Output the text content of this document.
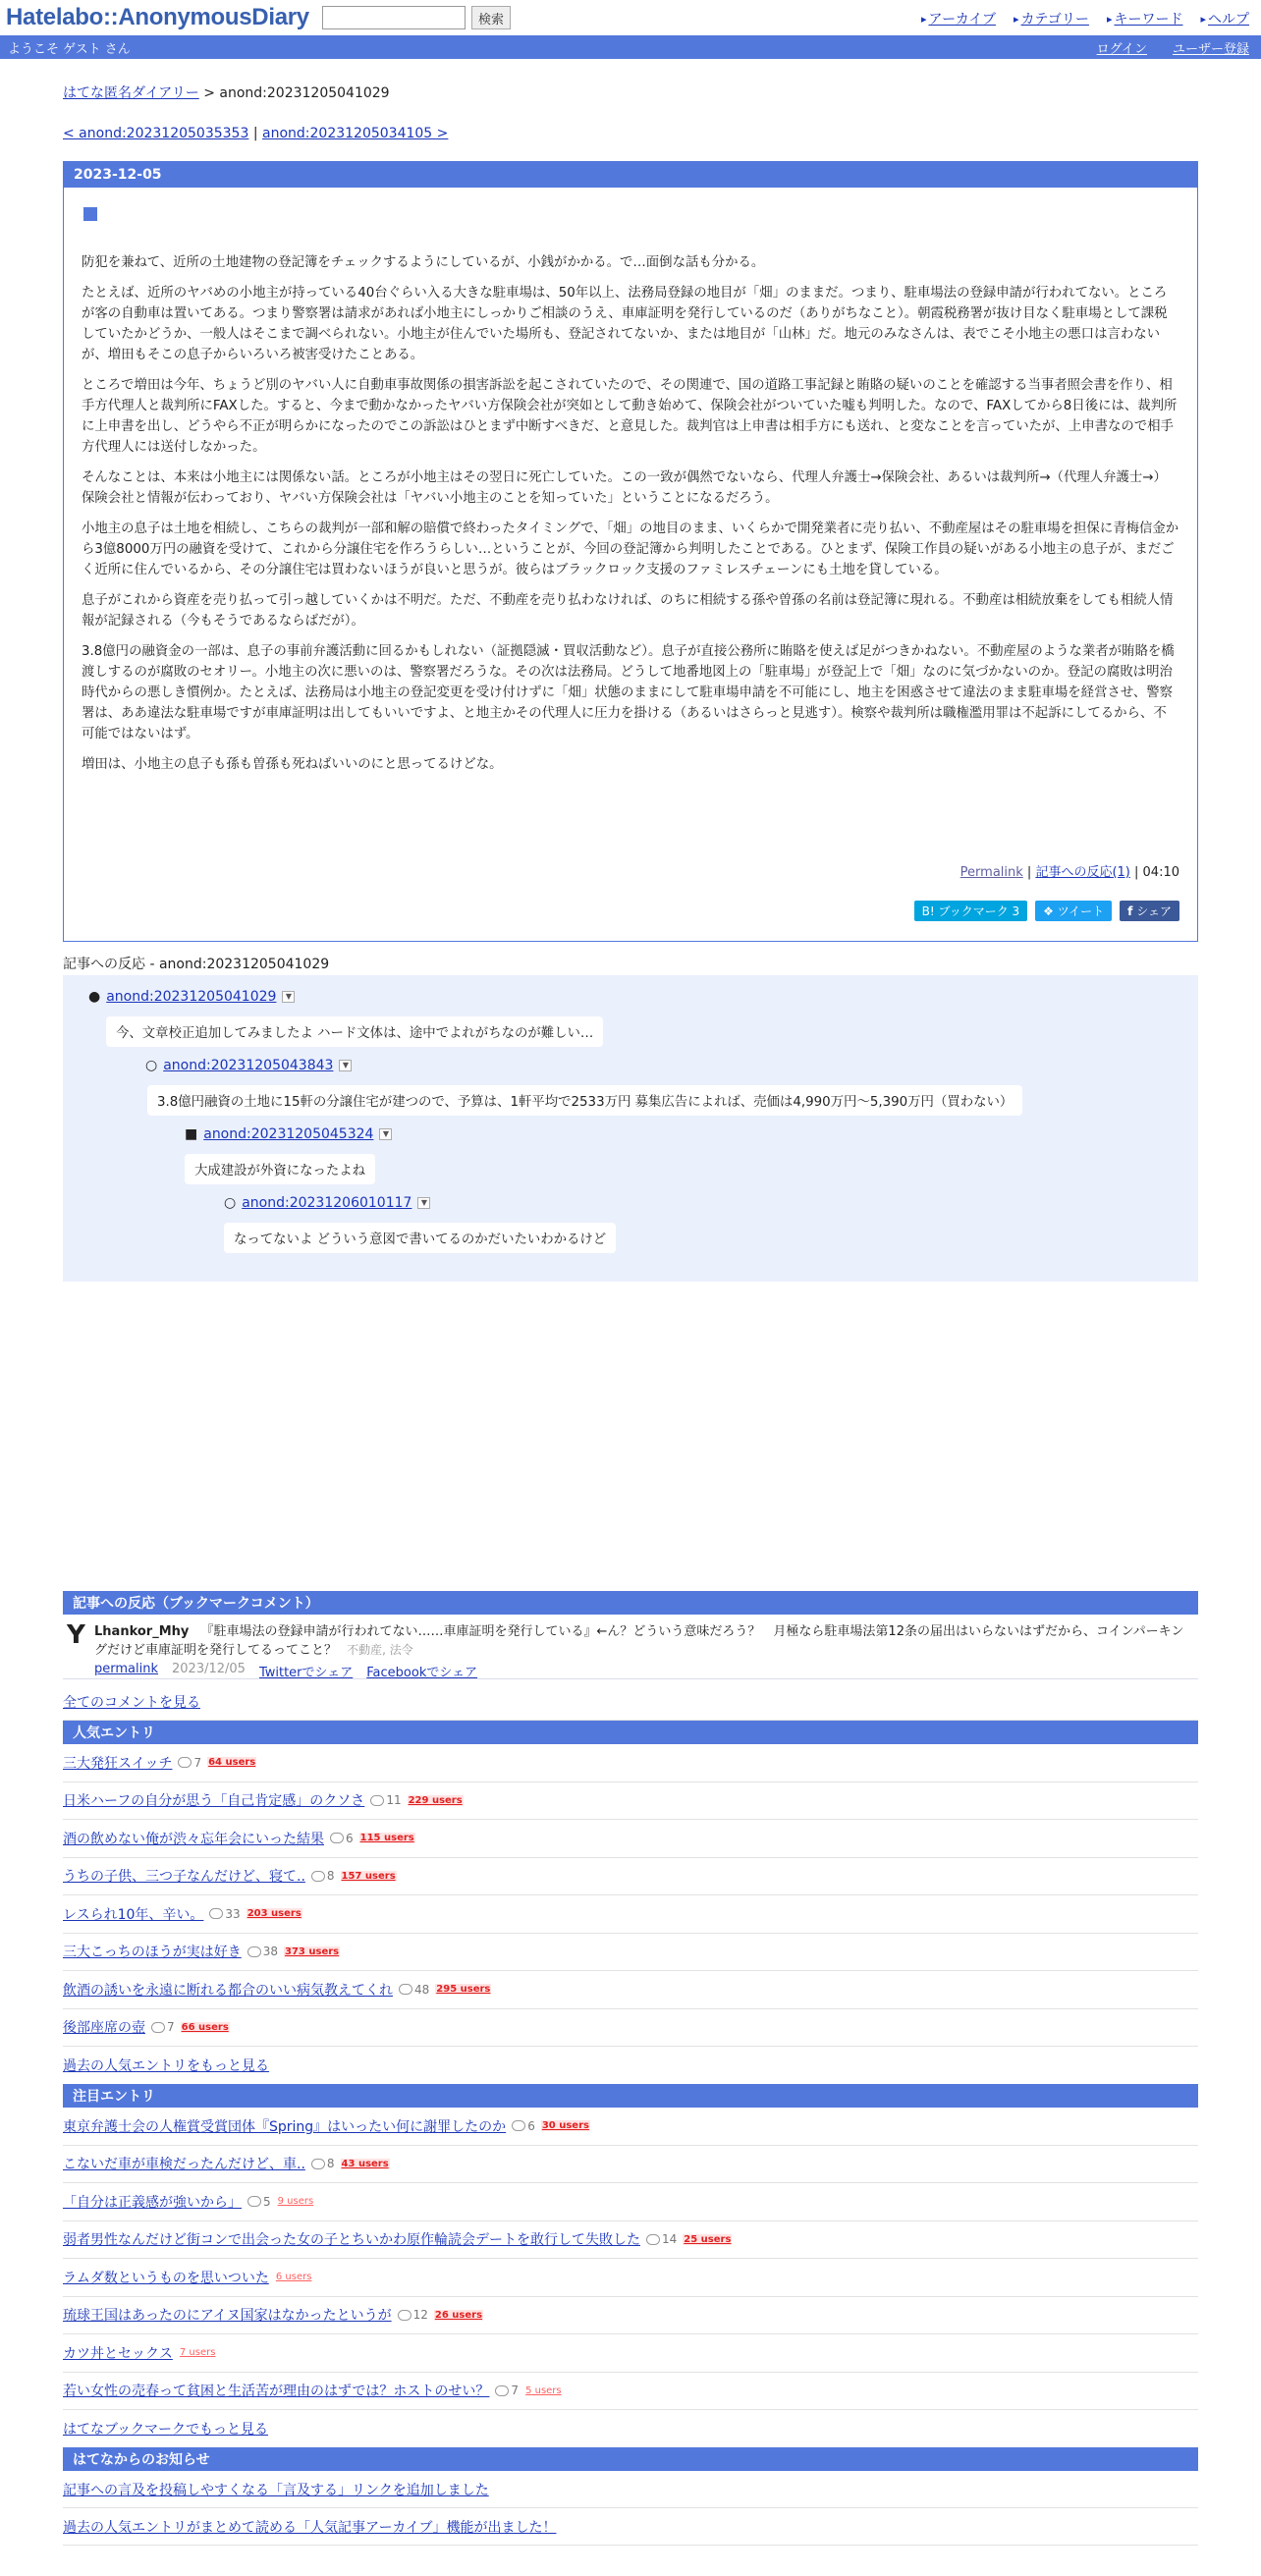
Hatelabo::AnonymousDiary	検索	▸ アーカイブ ▸ カテゴリー ▸ キーワード ▸ ヘルプ
ようこそ ゲスト さん	ログイン ユーザー登録
はてな匿名ダイアリー > anond:20231205041029
< anond:20231205035353 | anond:20231205034105 >
2023-12-05

防犯を兼ねて、近所の土地建物の登記簿をチェックするようにしているが、小銭がかかる。で…面倒な話も分かる。

たとえば、近所のヤバめの小地主が持っている40台ぐらい入る大きな駐車場は、50年以上、法務局登録の地目が「畑」のままだ。つまり、駐車場法の登録申請が行われてない。ところが客の自動車は置いてある。つまり警察署は請求があれば小地主にしっかりご相談のうえ、車庫証明を発行しているのだ（ありがちなこと）。朝霞税務署が抜け目なく駐車場として課税していたかどうか、一般人はそこまで調べられない。小地主が住んでいた場所も、登記されてないか、または地目が「山林」だ。地元のみなさんは、表でこそ小地主の悪口は言わないが、増田もそこの息子からいろいろ被害受けたことある。

ところで増田は今年、ちょうど別のヤバい人に自動車事故関係の損害訴訟を起こされていたので、その関連で、国の道路工事記録と賄賂の疑いのことを確認する当事者照会書を作り、相手方代理人と裁判所にFAXした。すると、今まで動かなかったヤバい方保険会社が突如として動き始めて、保険会社がついていた嘘も判明した。なので、FAXしてから8日後には、裁判所に上申書を出し、どうやら不正が明らかになったのでこの訴訟はひとまず中断すべきだ、と意見した。裁判官は上申書は相手方にも送れ、と変なことを言っていたが、上申書なので相手方代理人には送付しなかった。

そんなことは、本来は小地主には関係ない話。ところが小地主はその翌日に死亡していた。この一致が偶然でないなら、代理人弁護士→保険会社、あるいは裁判所→（代理人弁護士→）保険会社と情報が伝わっており、ヤバい方保険会社は「ヤバい小地主のことを知っていた」ということになるだろう。

小地主の息子は土地を相続し、こちらの裁判が一部和解の賠償で終わったタイミングで、「畑」の地目のまま、いくらかで開発業者に売り払い、不動産屋はその駐車場を担保に青梅信金から3億8000万円の融資を受けて、これから分譲住宅を作ろうらしい…ということが、今回の登記簿から判明したことである。ひとまず、保険工作員の疑いがある小地主の息子が、まだごく近所に住んでいるから、その分譲住宅は買わないほうが良いと思うが。彼らはブラックロック支援のファミレスチェーンにも土地を貸している。

息子がこれから資産を売り払って引っ越していくかは不明だ。ただ、不動産を売り払わなければ、のちに相続する孫や曽孫の名前は登記簿に現れる。不動産は相続放棄をしても相続人情報が記録される（今もそうであるならばだが）。

3.8億円の融資金の一部は、息子の事前弁護活動に回るかもしれない（証拠隠滅・買収活動など）。息子が直接公務所に賄賂を使えば足がつきかねない。不動産屋のような業者が賄賂を橋渡しするのが腐敗のセオリー。小地主の次に悪いのは、警察署だろうな。その次は法務局。どうして地番地図上の「駐車場」が登記上で「畑」なのに気づかないのか。登記の腐敗は明治時代からの悪しき慣例か。たとえば、法務局は小地主の登記変更を受け付けずに「畑」状態のままにして駐車場申請を不可能にし、地主を困惑させて違法のまま駐車場を経営させ、警察署は、ああ違法な駐車場ですが車庫証明は出してもいいですよ、と地主かその代理人に圧力を掛ける（あるいはさらっと見逃す）。検察や裁判所は職権濫用罪は不起訴にしてるから、不可能ではないはず。

増田は、小地主の息子も孫も曽孫も死ねばいいのにと思ってるけどな。

Permalink | 記事への反応(1) | 04:10
B! ブックマーク
3 ❖
ツイート f
シェア
記事への反応 - anond:20231205041029
● anond:20231205041029	▼
今、文章校正追加してみましたよ ハード文体は、途中でよれがちなのが難しい…
○ anond:20231205043843	▼
3.8億円融資の土地に15軒の分譲住宅が建つので、予算は、1軒平均で2533万円 募集広告によれば、売価は4,990万円〜5,390万円（買わない）
■ anond:20231205045324	▼
大成建設が外資になったよね
○ anond:20231206010117	▼
なってないよ どういう意図で書いてるのかだいたいわかるけど
記事への反応（ブックマークコメント）
Y Lhankor_Mhy 『駐車場法の登録申請が行われてない……車庫証明を発行している』←ん？どういう意味だろう？　月極なら駐車場法第12条の届出はいらないはずだから、コインパーキングだけど車庫証明を発行してるってこと？ 不動産, 法令
permalink 2023/12/05 Twitterでシェア Facebookでシェア
全てのコメントを見る
人気エントリ
三大発狂スイッチ 7 64 users
日米ハーフの自分が思う「自己肯定感」のクソさ 11 229 users
酒の飲めない俺が渋々忘年会にいった結果 6 115 users
うちの子供、三つ子なんだけど、寝て.. 8 157 users
レスられ10年、辛い。 33 203 users
三大こっちのほうが実は好き 38 373 users
飲酒の誘いを永遠に断れる都合のいい病気教えてくれ 48 295 users
後部座席の壺 7 66 users
過去の人気エントリをもっと見る
注目エントリ
東京弁護士会の人権賞受賞団体『Spring』はいったい何に謝罪したのか 6 30 users
こないだ車が車検だったんだけど、車.. 8 43 users
「自分は正義感が強いから」 5 9 users
弱者男性なんだけど街コンで出会った女の子とちいかわ原作輪読会デートを敢行して失敗した 14 25 users
ラムダ数というものを思いついた 6 users
琉球王国はあったのにアイヌ国家はなかったというが 12 26 users
カツ丼とセックス 7 users
若い女性の売春って貧困と生活苦が理由のはずでは？ホストのせい？ 7 5 users
はてなブックマークでもっと見る
はてなからのお知らせ
記事への言及を投稿しやすくなる「言及する」リンクを追加しました
過去の人気エントリがまとめて読める「人気記事アーカイブ」機能が出ました！
